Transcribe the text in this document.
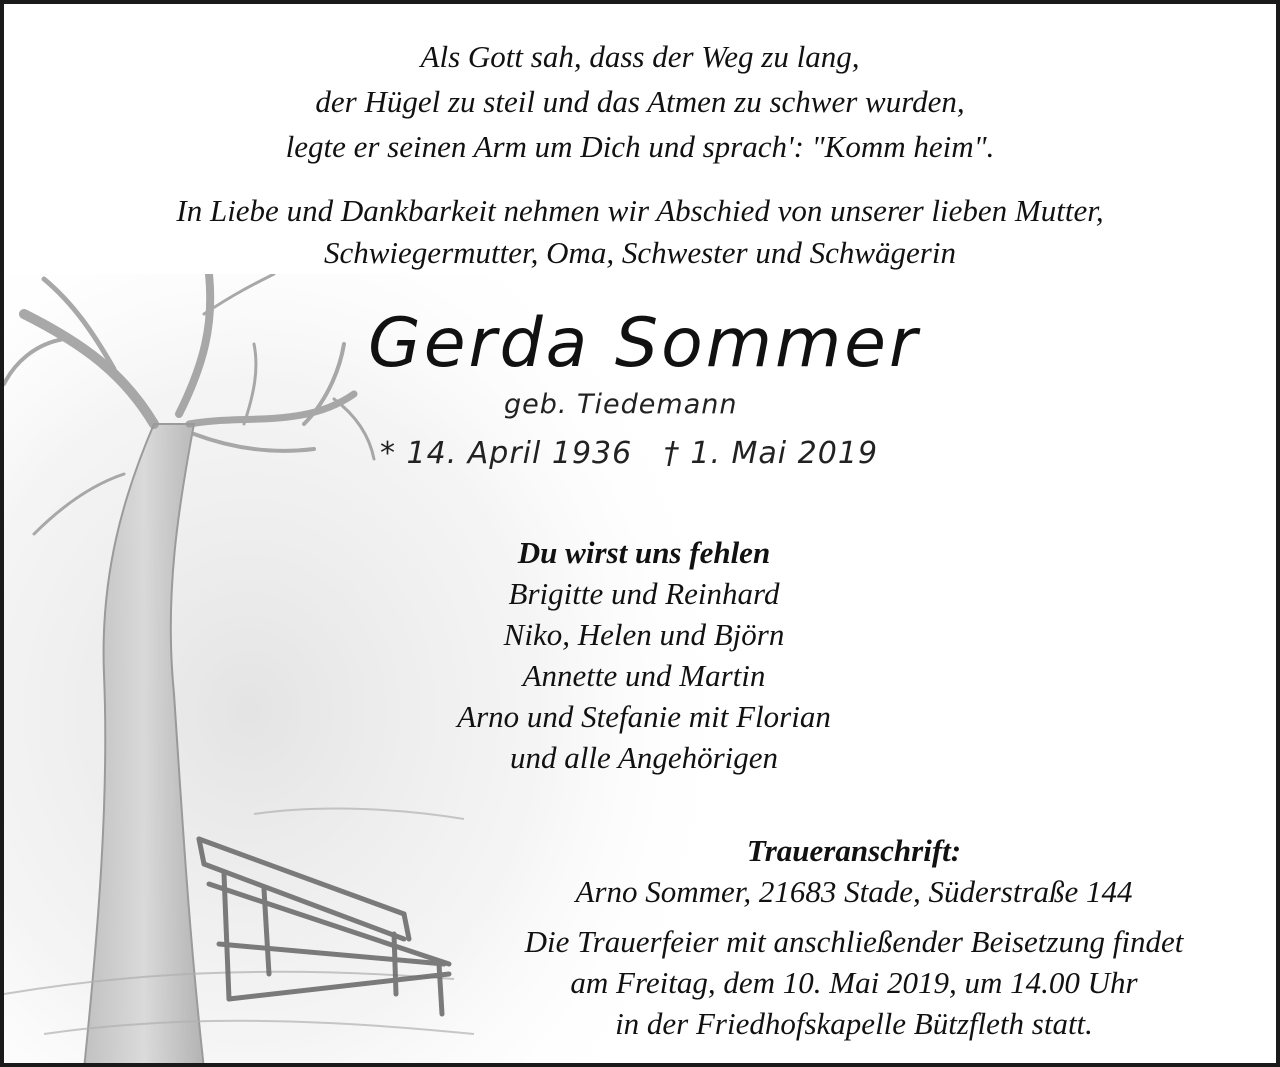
Als Gott sah, dass der Weg zu lang,
der Hügel zu steil und das Atmen zu schwer wurden,
legte er seinen Arm um Dich und sprach': "Komm heim".
In Liebe und Dankbarkeit nehmen wir Abschied von unserer lieben Mutter,
Schwiegermutter, Oma, Schwester und Schwägerin
Gerda Sommer
geb. Tiedemann
* 14. April 1936   † 1. Mai 2019
Du wirst uns fehlen
Brigitte und Reinhard
Niko, Helen und Björn
Annette und Martin
Arno und Stefanie mit Florian
und alle Angehörigen
Traueranschrift:
Arno Sommer, 21683 Stade, Süderstraße 144
Die Trauerfeier mit anschließender Beisetzung findet
am Freitag, dem 10. Mai 2019, um 14.00 Uhr
in der Friedhofskapelle Bützfleth statt.
